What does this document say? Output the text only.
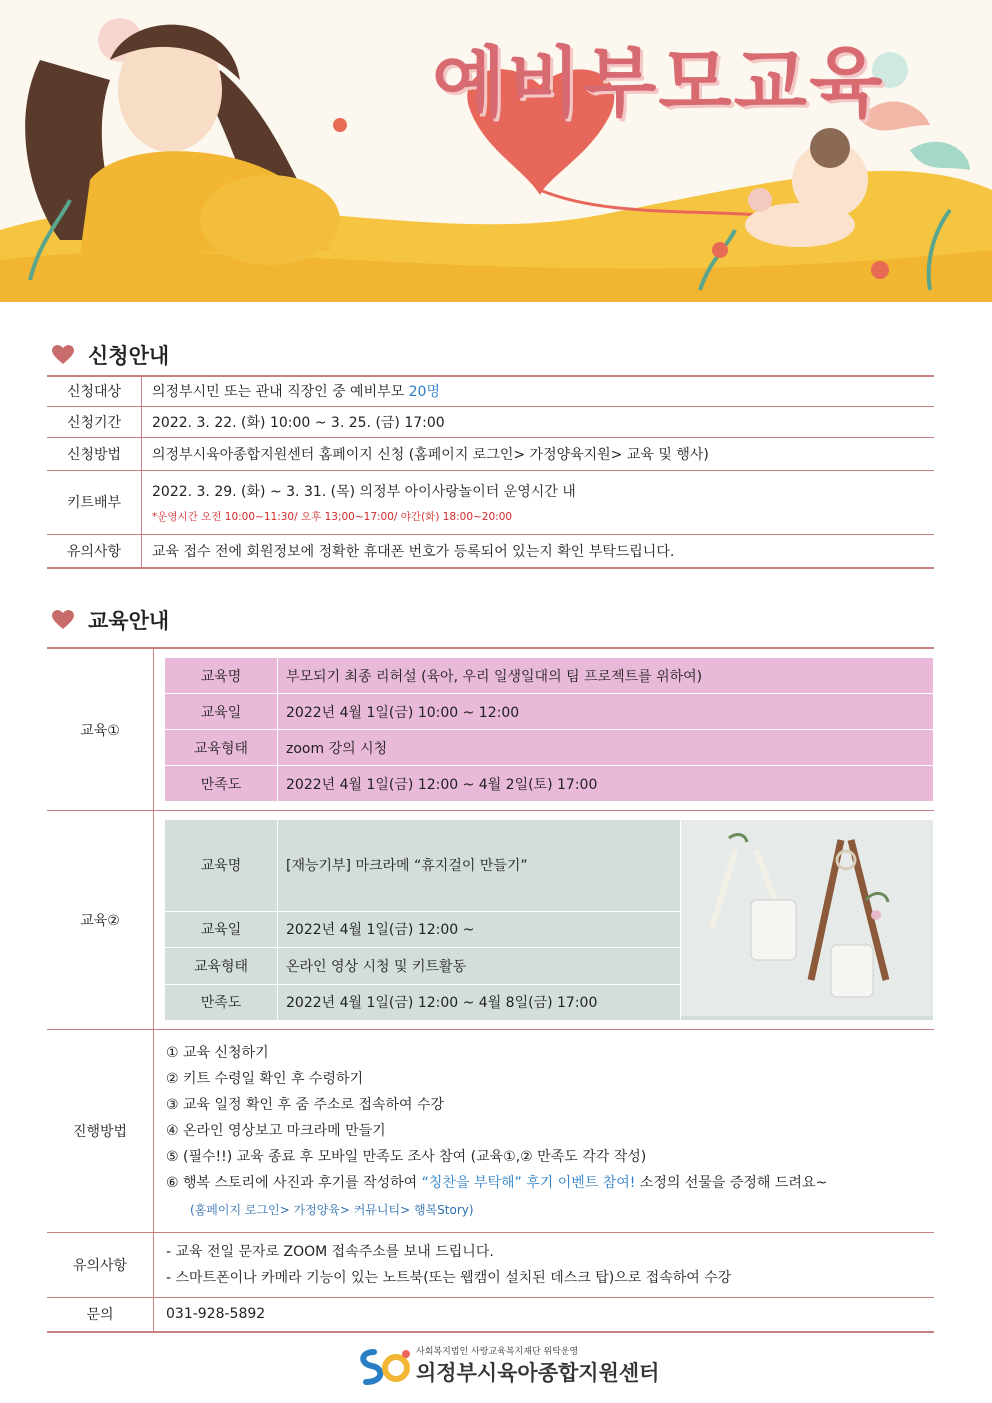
예비부모교육
신청안내
신청대상	의정부시민 또는 관내 직장인 중 예비부모 20명
신청기간	2022. 3. 22. (화) 10:00 ~ 3. 25. (금) 17:00
신청방법	의정부시육아종합지원센터 홈페이지 신청 (홈페이지 로그인> 가정양육지원> 교육 및 행사)
키트배부	2022. 3. 29. (화) ~ 3. 31. (목) 의정부 아이사랑놀이터 운영시간 내
*운영시간 오전 10:00~11:30/ 오후 13;00~17:00/ 야간(화) 18:00~20:00

유의사항	교육 접수 전에 회원정보에 정확한 휴대폰 번호가 등록되어 있는지 확인 부탁드립니다.
교육안내
교육①	
교육명	부모되기 최종 리허설 (육아, 우리 일생일대의 팀 프로젝트를 위하여)
교육일	2022년 4월 1일(금) 10:00 ~ 12:00
교육형태	zoom 강의 시청
만족도	2022년 4월 1일(금) 12:00 ~ 4월 2일(토) 17:00

교육②	
교육명	[재능기부] 마크라메 “휴지걸이 만들기”	
교육일	2022년 4월 1일(금) 12:00 ~
교육형태	온라인 영상 시청 및 키트활동
만족도	2022년 4월 1일(금) 12:00 ~ 4월 8일(금) 17:00

진행방법	
① 교육 신청하기
② 키트 수령일 확인 후 수령하기
③ 교육 일정 확인 후 줌 주소로 접속하여 수강
④ 온라인 영상보고 마크라메 만들기
⑤ (필수!!) 교육 종료 후 모바일 만족도 조사 참여 (교육①,② 만족도 각각 작성)
⑥ 행복 스토리에 사진과 후기를 작성하여 “칭찬을 부탁해” 후기 이벤트 참여! 소정의 선물을 증정해 드려요~
(홈페이지 로그인> 가정양육> 커뮤니티> 행복Story)

유의사항	
- 교육 전일 문자로 ZOOM 접속주소를 보내 드립니다.
- 스마트폰이나 카메라 기능이 있는 노트북(또는 웹캠이 설치된 데스크 탑)으로 접속하여 수강

문의	031-928-5892
사회복지법인 사랑교육복지재단 위탁운영
의정부시육아종합지원센터
